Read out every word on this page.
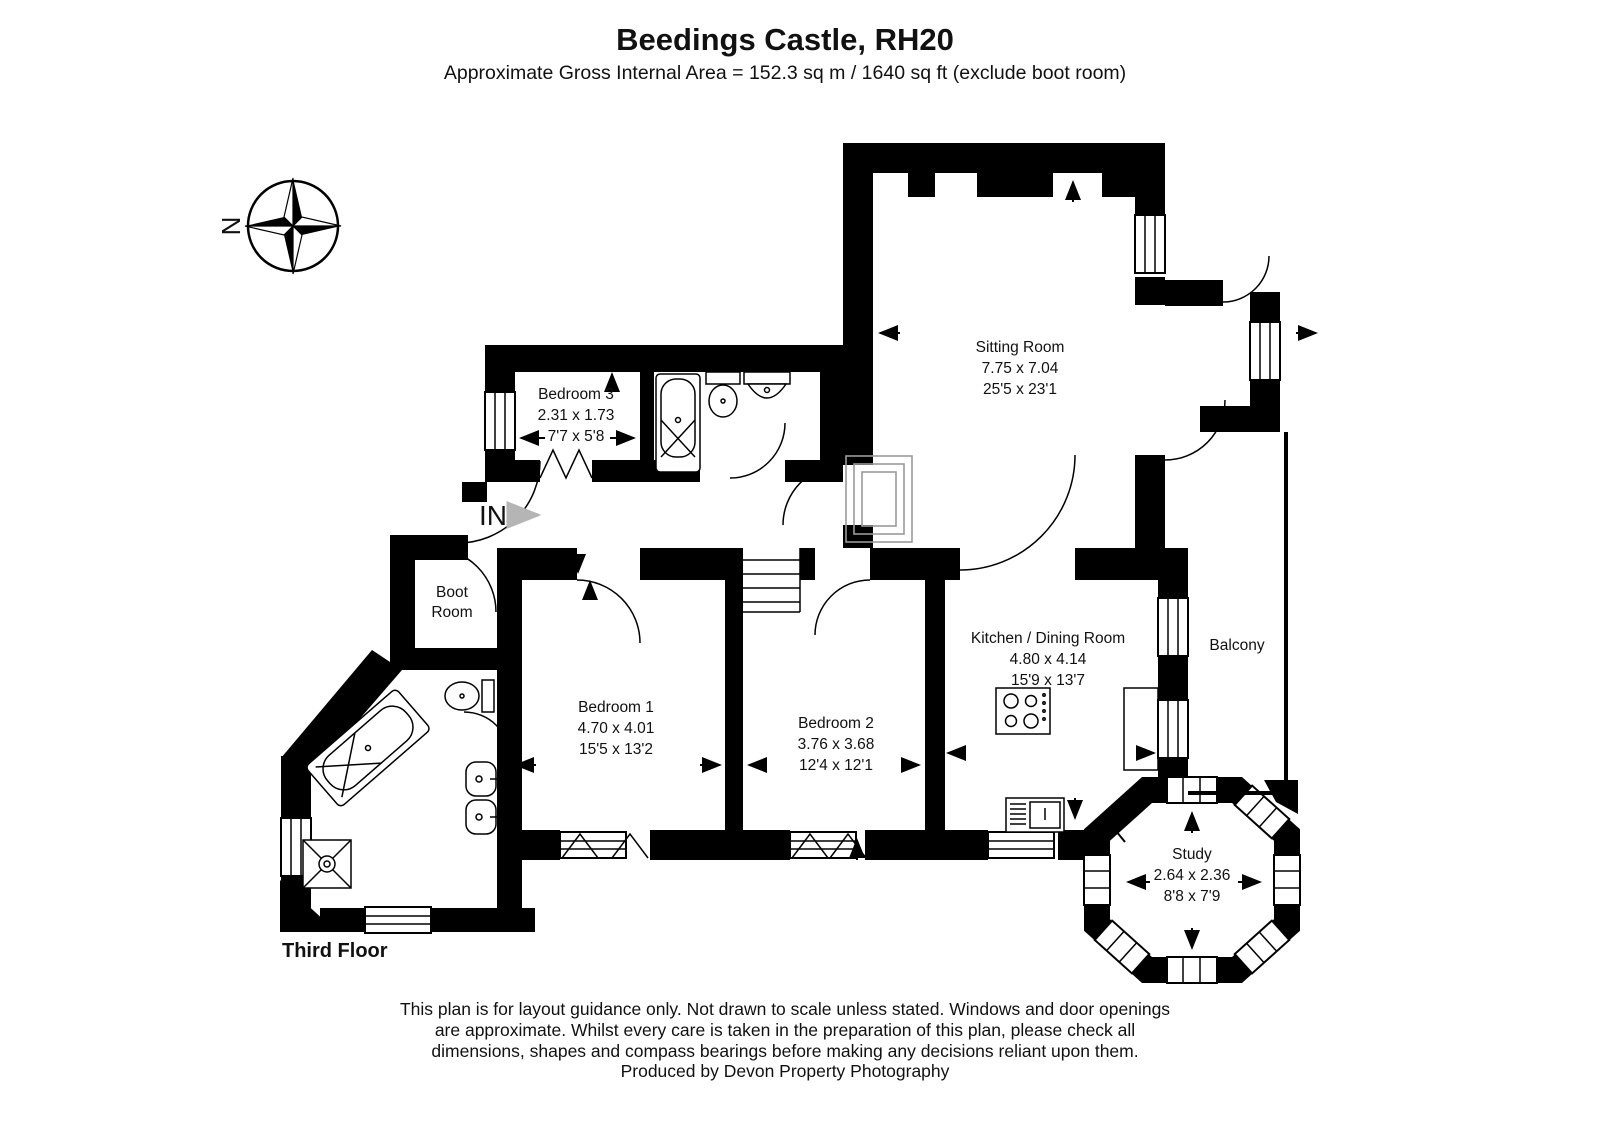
Beedings Castle, RH20
Approximate Gross Internal Area = 152.3 sq m / 1640 sq ft (exclude boot room)
N
Sitting Room
7.75 x 7.04
25'5 x 23'1
Bedroom 3
2.31 x 1.73
7'7 x 5'8
Bedroom 1
4.70 x 4.01
15'5 x 13'2
Bedroom 2
3.76 x 3.68
12'4 x 12'1
Kitchen / Dining Room
4.80 x 4.14
15'9 x 13'7
Study
2.64 x 2.36
8'8 x 7'9
Balcony
Boot
Room
IN
Third Floor
This plan is for layout guidance only. Not drawn to scale unless stated. Windows and door openings
are approximate. Whilst every care is taken in the preparation of this plan, please check all
dimensions, shapes and compass bearings before making any decisions reliant upon them.
Produced by Devon Property Photography
